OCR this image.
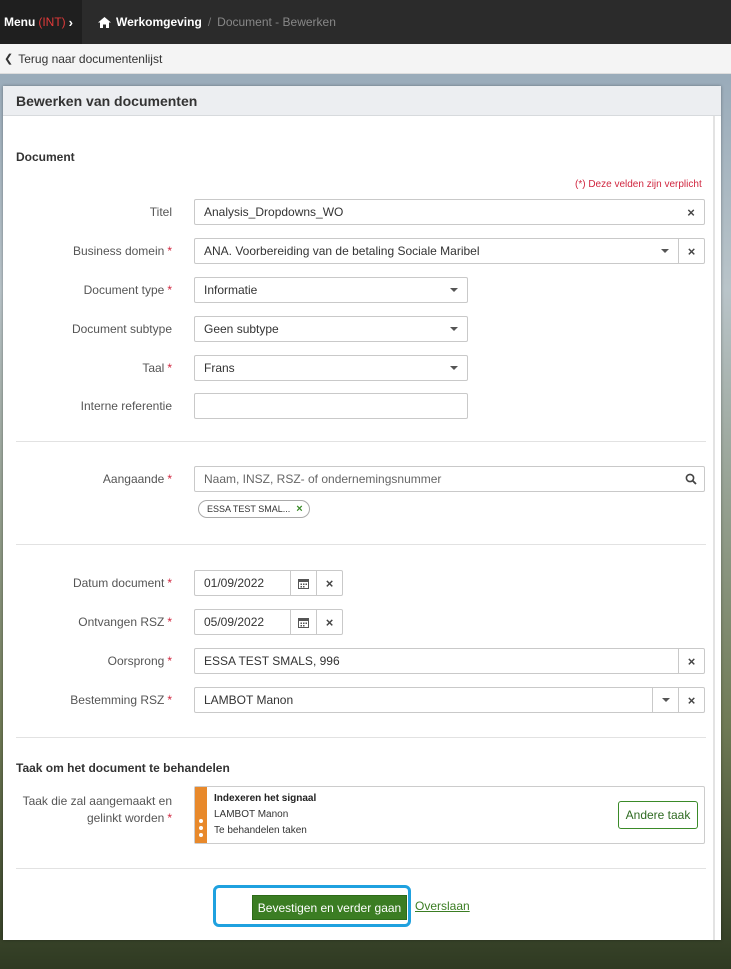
Menu (INT) ›	Werkomgeving / Document - Bewerken
❮ Terug naar documentenlijst
Bewerken van documenten
Document
(*) Deze velden zijn verplicht
Titel	Analysis_Dropdowns_WO	×
Business domein *	ANA. Voorbereiding van de betaling Sociale Maribel	×
Document type *	Informatie
Document subtype	Geen subtype
Taal *	Frans
Interne referentie
Aangaande *	Naam, INSZ, RSZ- of ondernemingsnummer
ESSA TEST SMAL... ×
Datum document *	01/09/2022	×
Ontvangen RSZ *	05/09/2022	×
Oorsprong *	ESSA TEST SMALS, 996	×
Bestemming RSZ *	LAMBOT Manon	×
Taak om het document te behandelen
Taak die zal aangemaakt en
gelinkt worden *
Indexeren het signaal
LAMBOT Manon
Te behandelen taken
Andere taak
Bevestigen en verder gaan	Overslaan
